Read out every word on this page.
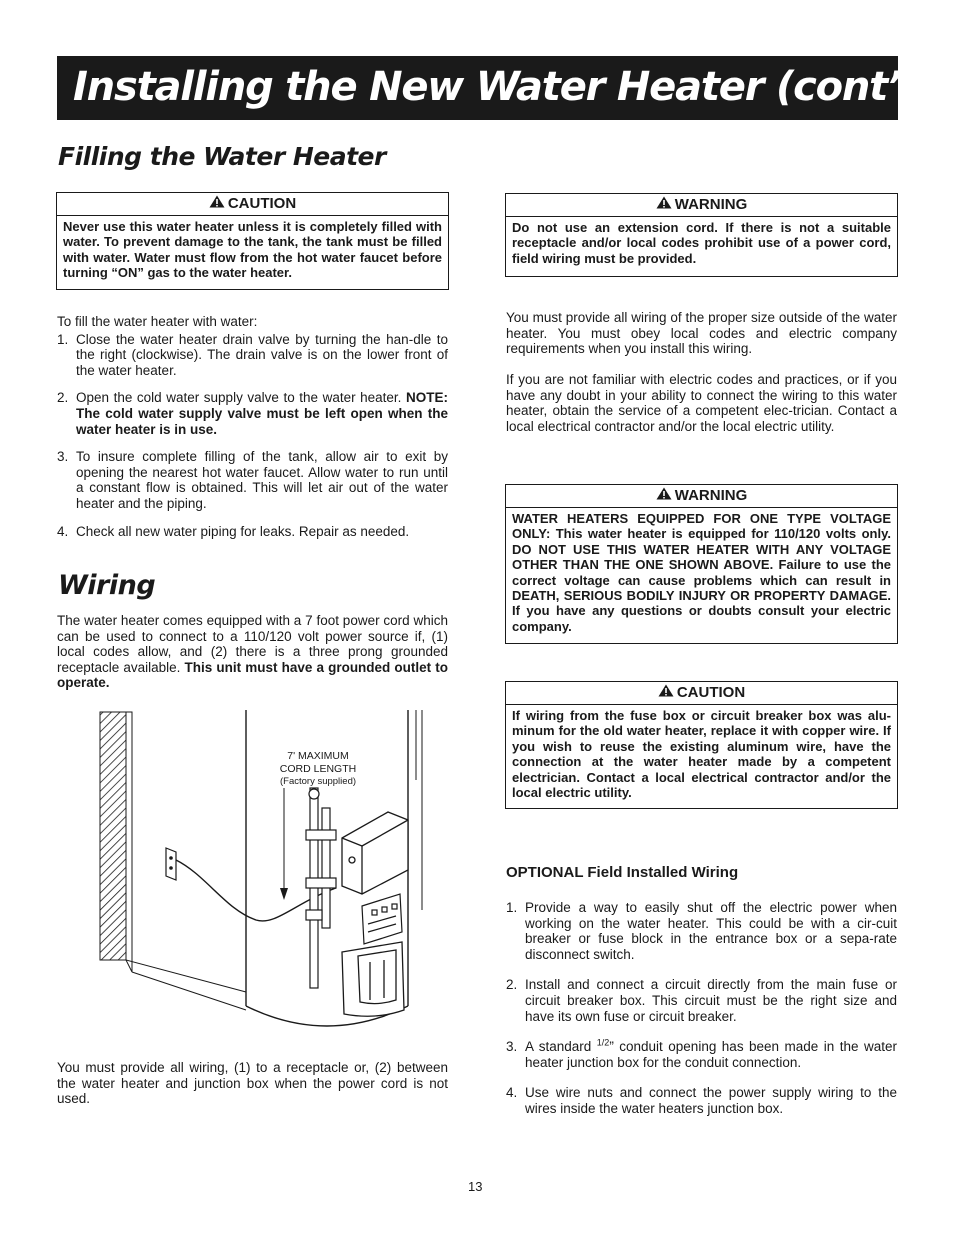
Installing the New Water Heater (cont’d)
Filling the Water Heater
CAUTION
Never use this water heater unless it is completely filled with water. To prevent damage to the tank, the tank must be filled with water. Water must flow from the hot water faucet before turning “ON” gas to the water heater.

To fill the water heater with water:

1. Close the water heater drain valve by turning the han-dle to the right (clockwise). The drain valve is on the lower front of the water heater.
2. Open the cold water supply valve to the water heater. NOTE: The cold water supply valve must be left open when the water heater is in use.
3. To insure complete filling of the tank, allow air to exit by opening the nearest hot water faucet. Allow water to run until a constant flow is obtained. This will let air out of the water heater and the piping.
4. Check all new water piping for leaks. Repair as needed.
Wiring
The water heater comes equipped with a 7 foot power cord which can be used to connect to a 110/120 volt power source if, (1) local codes allow, and (2) there is a three prong grounded receptacle available. This unit must have a grounded outlet to operate.
7' MAXIMUM
CORD LENGTH
(Factory supplied)
You must provide all wiring, (1) to a receptacle or, (2) between the water heater and junction box when the power cord is not used.
WARNING
Do not use an extension cord. If there is not a suitable receptacle and/or local codes prohibit use of a power cord, field wiring must be provided.
You must provide all wiring of the proper size outside of the water heater. You must obey local codes and electric company requirements when you install this wiring.
If you are not familiar with electric codes and practices, or if you have any doubt in your ability to connect the wiring to this water heater, obtain the service of a competent elec-trician. Contact a local electrical contractor and/or the local electric utility.
WARNING
WATER HEATERS EQUIPPED FOR ONE TYPE VOLTAGE ONLY: This water heater is equipped for 110/120 volts only. DO NOT USE THIS WATER HEATER WITH ANY VOLTAGE OTHER THAN THE ONE SHOWN ABOVE. Failure to use the correct voltage can cause problems which can result in DEATH, SERIOUS BODILY INJURY OR PROPERTY DAMAGE. If you have any questions or doubts consult your electric company.
CAUTION
If wiring from the fuse box or circuit breaker box was alu-minum for the old water heater, replace it with copper wire. If you wish to reuse the existing aluminum wire, have the connection at the water heater made by a competent electrician. Contact a local electrical contractor and/or the local electric utility.
OPTIONAL Field Installed Wiring
1. Provide a way to easily shut off the electric power when working on the water heater. This could be with a cir-cuit breaker or fuse block in the entrance box or a sepa-rate disconnect switch.
2. Install and connect a circuit directly from the main fuse or circuit breaker box. This circuit must be the right size and have its own fuse or circuit breaker.
3. A standard $^{1/2}$” conduit opening has been made in the water heater junction box for the conduit connection.
4. Use wire nuts and connect the power supply wiring to the wires inside the water heaters junction box.
13
